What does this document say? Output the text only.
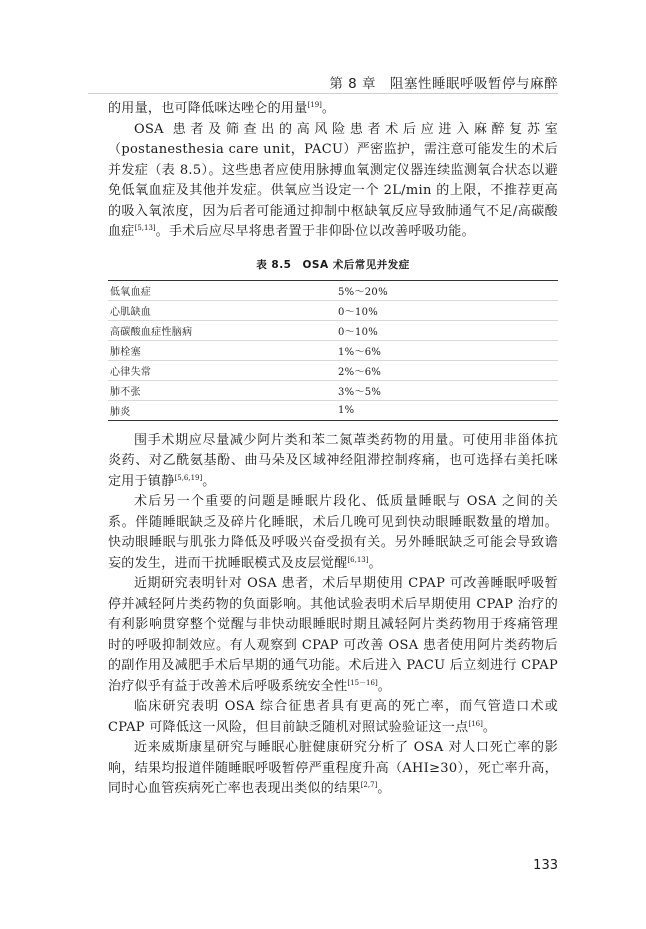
第 8 章　阻塞性睡眠呼吸暂停与麻醉

的用量，也可降低咪达唑仑的用量[19]。

OSA 患者及筛查出的高风险患者术后应进入麻醉复苏室（postanesthesia care unit，PACU）严密监护，需注意可能发生的术后并发症（表 8.5）。这些患者应使用脉搏血氧测定仪器连续监测氧合状态以避免低氧血症及其他并发症。供氧应当设定一个 2L/min 的上限，不推荐更高的吸入氧浓度，因为后者可能通过抑制中枢缺氧反应导致肺通气不足/高碳酸血症[5,13]。手术后应尽早将患者置于非仰卧位以改善呼吸功能。

表 8.5　OSA 术后常见并发症
低氧血症	5%～20%
心肌缺血	0～10%
高碳酸血症性脑病	0～10%
肺栓塞	1%～6%
心律失常	2%～6%
肺不张	3%～5%
肺炎	1%

围手术期应尽量减少阿片类和苯二氮䓬类药物的用量。可使用非甾体抗炎药、对乙酰氨基酚、曲马朵及区域神经阻滞控制疼痛，也可选择右美托咪定用于镇静[5,6,19]。

术后另一个重要的问题是睡眠片段化、低质量睡眠与 OSA 之间的关系。伴随睡眠缺乏及碎片化睡眠，术后几晚可见到快动眼睡眠数量的增加。快动眼睡眠与肌张力降低及呼吸兴奋受损有关。另外睡眠缺乏可能会导致谵妄的发生，进而干扰睡眠模式及皮层觉醒[6,13]。

近期研究表明针对 OSA 患者，术后早期使用 CPAP 可改善睡眠呼吸暂停并减轻阿片类药物的负面影响。其他试验表明术后早期使用 CPAP 治疗的有利影响贯穿整个觉醒与非快动眼睡眠时期且减轻阿片类药物用于疼痛管理时的呼吸抑制效应。有人观察到 CPAP 可改善 OSA 患者使用阿片类药物后的副作用及减肥手术后早期的通气功能。术后进入 PACU 后立刻进行 CPAP 治疗似乎有益于改善术后呼吸系统安全性[15－16]。

临床研究表明 OSA 综合征患者具有更高的死亡率，而气管造口术或 CPAP 可降低这一风险，但目前缺乏随机对照试验验证这一点[16]。

近来威斯康星研究与睡眠心脏健康研究分析了 OSA 对人口死亡率的影响，结果均报道伴随睡眠呼吸暂停严重程度升高（AHI≥30），死亡率升高，同时心血管疾病死亡率也表现出类似的结果[2,7]。

133
